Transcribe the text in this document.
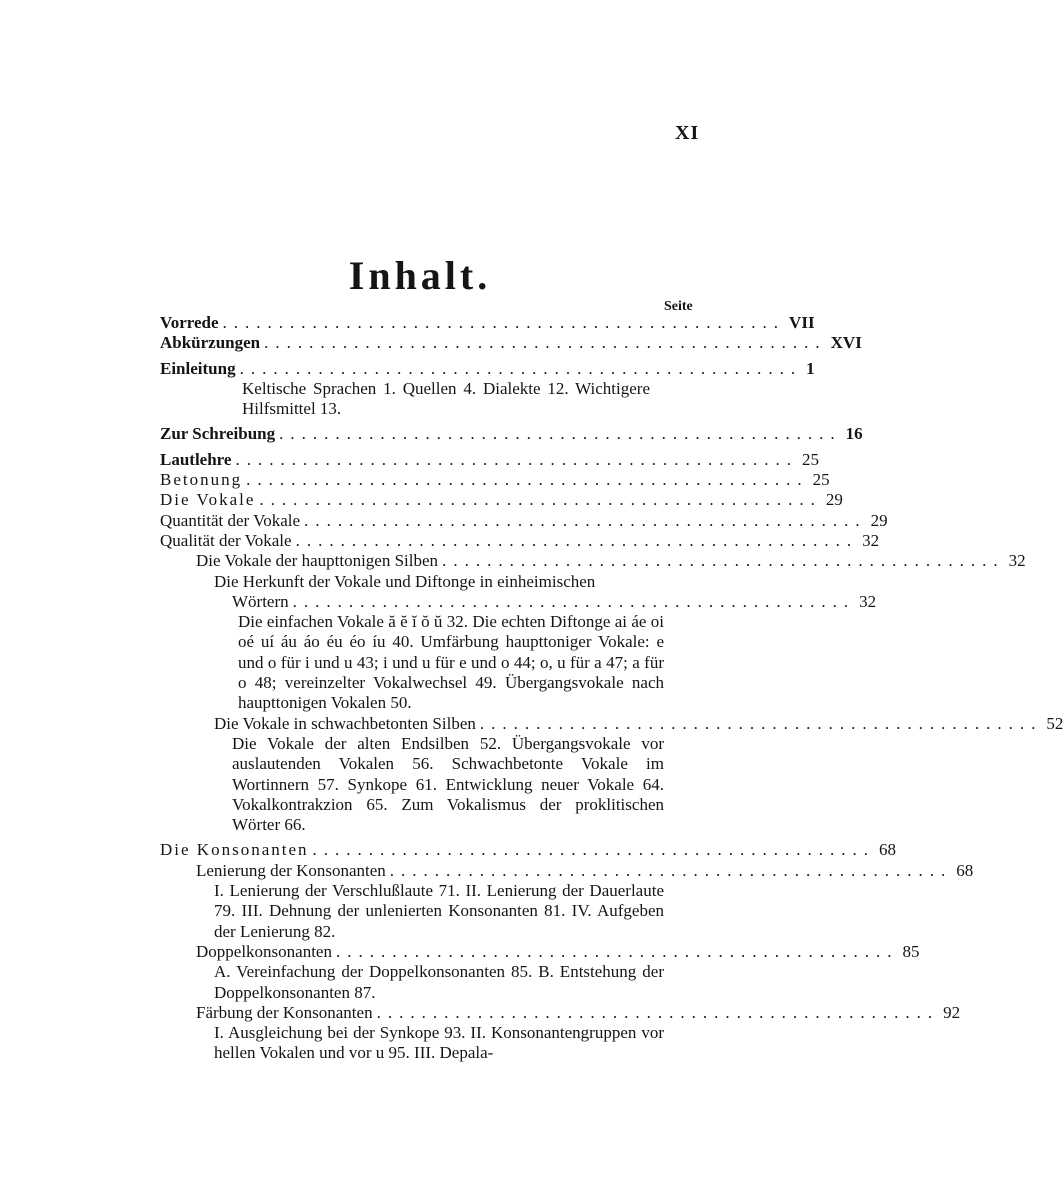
XI
Inhalt.
Seite
Vorrede .................................................. VII
Abkürzungen .................................................. XVI
Einleitung .................................................. 1
Keltische Sprachen 1. Quellen 4. Dialekte 12. Wichtigere Hilfsmittel 13.
Zur Schreibung .................................................. 16
Lautlehre .................................................. 25
Betonung .................................................. 25
Die Vokale .................................................. 29
Quantität der Vokale .................................................. 29
Qualität der Vokale .................................................. 32
Die Vokale der haupttonigen Silben .................................................. 32
Die Herkunft der Vokale und Diftonge in einheimischen
Wörtern .................................................. 32
Die einfachen Vokale ă ĕ ĭ ŏ ŭ 32. Die echten Diftonge ai áe oi oé uí áu áo éu éo íu 40. Umfärbung haupttoniger Vokale: e und o für i und u 43; i und u für e und o 44; o, u für a 47; a für o 48; vereinzelter Vokalwechsel 49. Übergangsvokale nach haupttonigen Vokalen 50.
Die Vokale in schwachbetonten Silben .................................................. 52
Die Vokale der alten Endsilben 52. Übergangsvokale vor auslautenden Vokalen 56. Schwachbetonte Vokale im Wortinnern 57. Synkope 61. Entwicklung neuer Vokale 64. Vokalkontrakzion 65. Zum Vokalismus der proklitischen Wörter 66.
Die Konsonanten .................................................. 68
Lenierung der Konsonanten .................................................. 68
I. Lenierung der Verschlußlaute 71. II. Lenierung der Dauerlaute 79. III. Dehnung der unlenierten Konsonanten 81. IV. Aufgeben der Lenierung 82.
Doppelkonsonanten .................................................. 85
A. Vereinfachung der Doppelkonsonanten 85. B. Entstehung der Doppelkonsonanten 87.
Färbung der Konsonanten .................................................. 92
I. Ausgleichung bei der Synkope 93. II. Konsonantengruppen vor hellen Vokalen und vor u 95. III. Depala-
